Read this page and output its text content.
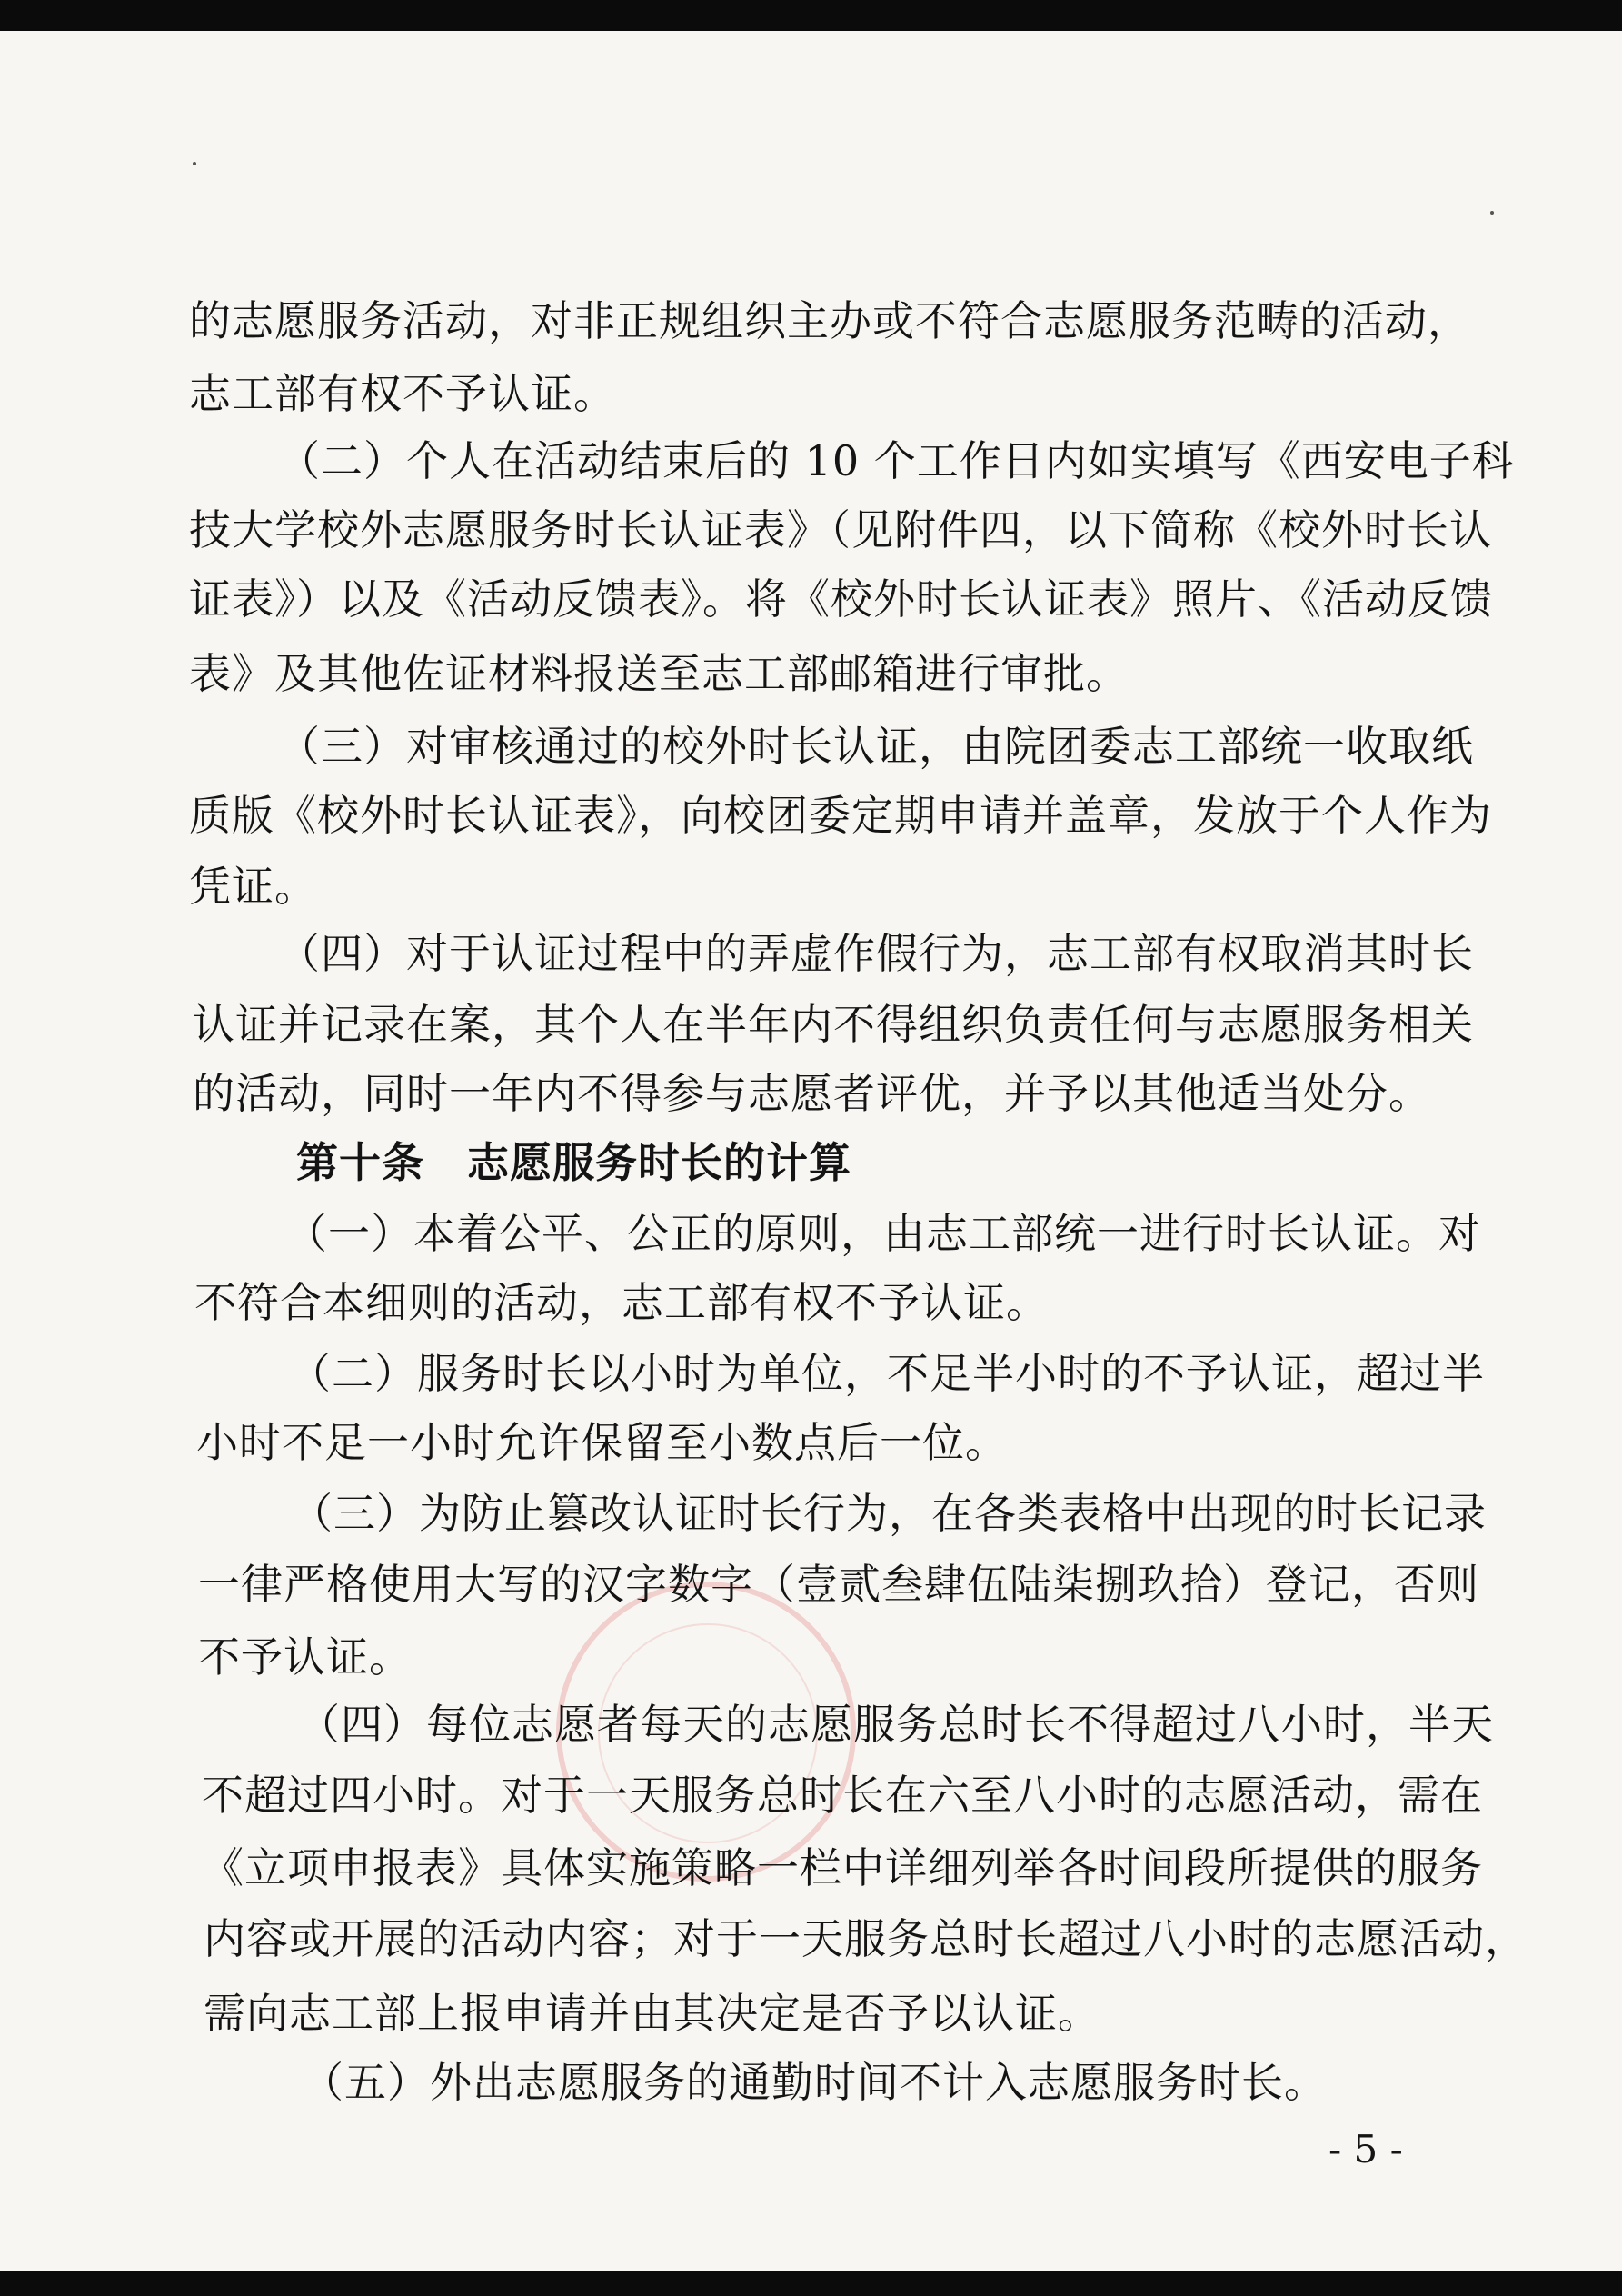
的志愿服务活动，对非正规组织主办或不符合志愿服务范畴的活动，
志工部有权不予认证。
（二）个人在活动结束后的 10 个工作日内如实填写《西安电子科
技大学校外志愿服务时长认证表》（见附件四，以下简称《校外时长认
证表》）以及《活动反馈表》。将《校外时长认证表》照片、《活动反馈
表》及其他佐证材料报送至志工部邮箱进行审批。
（三）对审核通过的校外时长认证，由院团委志工部统一收取纸
质版《校外时长认证表》，向校团委定期申请并盖章，发放于个人作为
凭证。
（四）对于认证过程中的弄虚作假行为，志工部有权取消其时长
认证并记录在案，其个人在半年内不得组织负责任何与志愿服务相关
的活动，同时一年内不得参与志愿者评优，并予以其他适当处分。
第十条　志愿服务时长的计算
（一）本着公平、公正的原则，由志工部统一进行时长认证。对
不符合本细则的活动，志工部有权不予认证。
（二）服务时长以小时为单位，不足半小时的不予认证，超过半
小时不足一小时允许保留至小数点后一位。
（三）为防止篡改认证时长行为，在各类表格中出现的时长记录
一律严格使用大写的汉字数字（壹贰叁肆伍陆柒捌玖拾）登记，否则
不予认证。
（四）每位志愿者每天的志愿服务总时长不得超过八小时，半天
不超过四小时。对于一天服务总时长在六至八小时的志愿活动，需在
《立项申报表》具体实施策略一栏中详细列举各时间段所提供的服务
内容或开展的活动内容；对于一天服务总时长超过八小时的志愿活动，
需向志工部上报申请并由其决定是否予以认证。
（五）外出志愿服务的通勤时间不计入志愿服务时长。
- 5 -
